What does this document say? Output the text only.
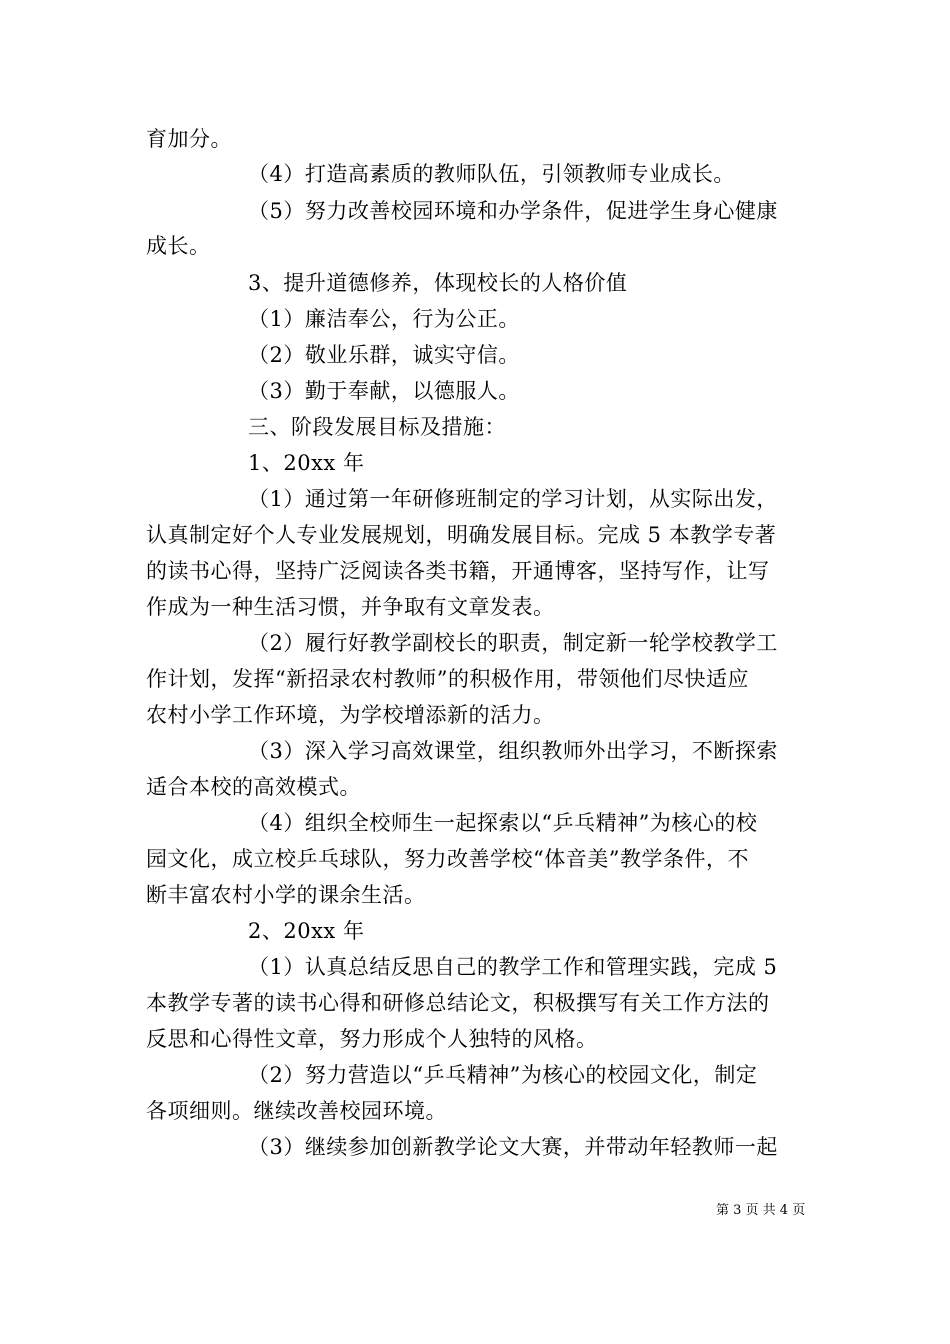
育加分。
（4）打造高素质的教师队伍，引领教师专业成长。
（5）努力改善校园环境和办学条件，促进学生身心健康
成长。
3、提升道德修养，体现校长的人格价值
（1）廉洁奉公，行为公正。
（2）敬业乐群，诚实守信。
（3）勤于奉献，以德服人。
三、阶段发展目标及措施：
1、20xx 年
（1）通过第一年研修班制定的学习计划，从实际出发，
认真制定好个人专业发展规划，明确发展目标。完成 5 本教学专著
的读书心得，坚持广泛阅读各类书籍，开通博客，坚持写作，让写
作成为一种生活习惯，并争取有文章发表。
（2）履行好教学副校长的职责，制定新一轮学校教学工
作计划，发挥“新招录农村教师”的积极作用，带领他们尽快适应
农村小学工作环境，为学校增添新的活力。
（3）深入学习高效课堂，组织教师外出学习，不断探索
适合本校的高效模式。
（4）组织全校师生一起探索以“乒乓精神”为核心的校
园文化，成立校乒乓球队，努力改善学校“体音美”教学条件，不
断丰富农村小学的课余生活。
2、20xx 年
（1）认真总结反思自己的教学工作和管理实践，完成 5
本教学专著的读书心得和研修总结论文，积极撰写有关工作方法的
反思和心得性文章，努力形成个人独特的风格。
（2）努力营造以“乒乓精神”为核心的校园文化，制定
各项细则。继续改善校园环境。
（3）继续参加创新教学论文大赛，并带动年轻教师一起
第 3 页 共 4 页
